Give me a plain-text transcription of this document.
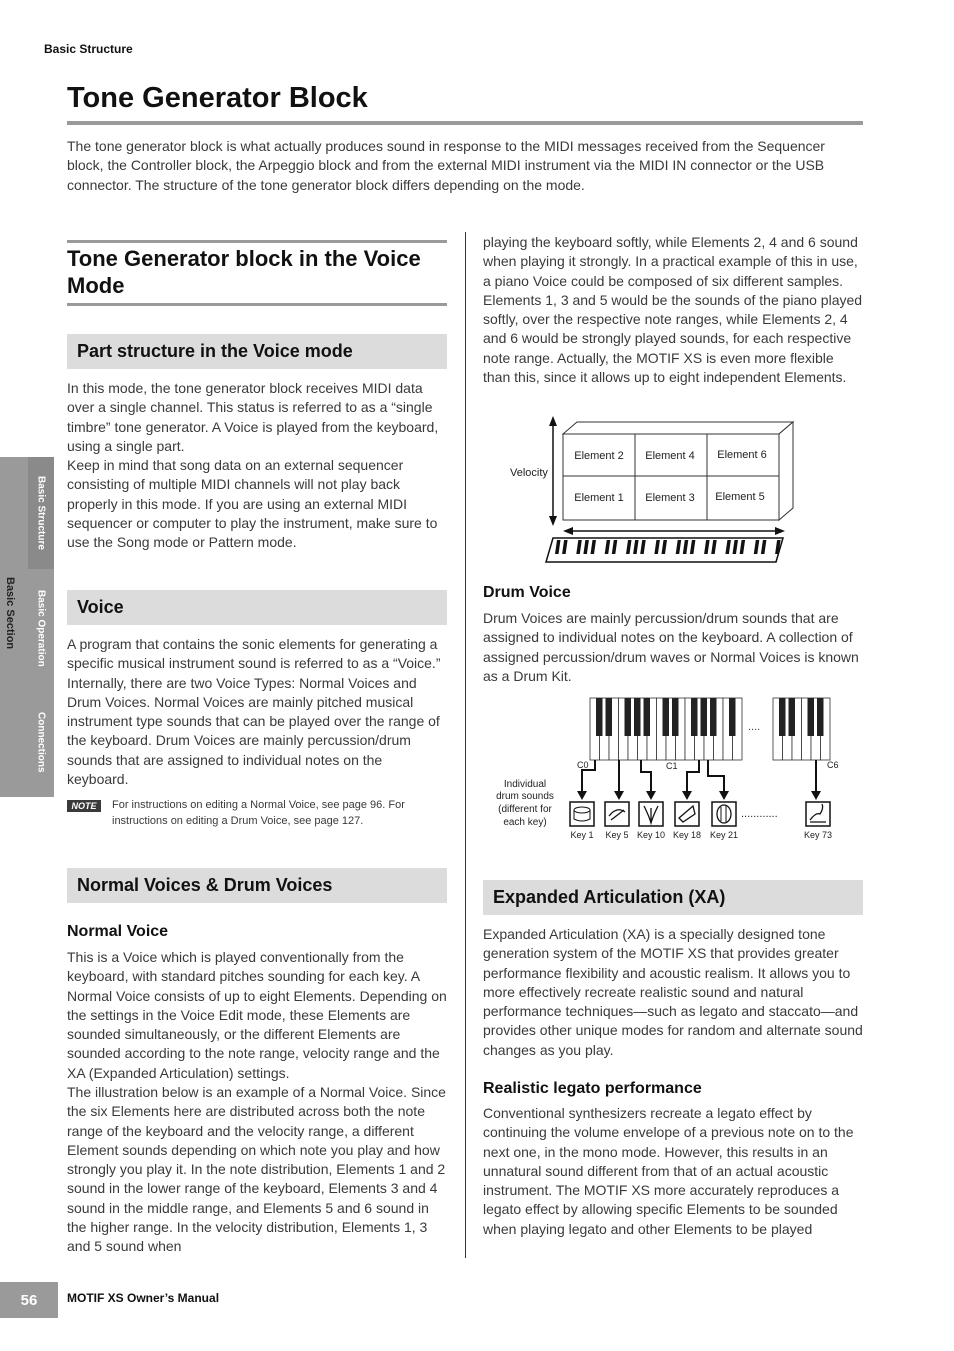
Basic Structure
Tone Generator Block

The tone generator block is what actually produces sound in response to the MIDI messages received from the Sequencer block, the Controller block, the Arpeggio block and from the external MIDI instrument via the MIDI IN connector or the USB connector. The structure of the tone generator block differs depending on the mode.

Basic Section
Basic Structure
Basic Operation
Connections
Tone Generator block in the Voice Mode
Part structure in the Voice mode

In this mode, the tone generator block receives MIDI data over a single channel. This status is referred to as a “single timbre” tone generator. A Voice is played from the keyboard, using a single part.

Keep in mind that song data on an external sequencer consisting of multiple MIDI channels will not play back properly in this mode. If you are using an external MIDI sequencer or computer to play the instrument, make sure to use the Song mode or Pattern mode.

Voice

A program that contains the sonic elements for generating a specific musical instrument sound is referred to as a “Voice.” Internally, there are two Voice Types: Normal Voices and Drum Voices. Normal Voices are mainly pitched musical instrument type sounds that can be played over the range of the keyboard. Drum Voices are mainly percussion/drum sounds that are assigned to individual notes on the keyboard.

NOTE	For instructions on editing a Normal Voice, see page 96. For instructions on editing a Drum Voice, see page 127.

Normal Voices & Drum Voices
Normal Voice

This is a Voice which is played conventionally from the keyboard, with standard pitches sounding for each key. A Normal Voice consists of up to eight Elements. Depending on the settings in the Voice Edit mode, these Elements are sounded simultaneously, or the different Elements are sounded according to the note range, velocity range and the XA (Expanded Articulation) settings.

The illustration below is an example of a Normal Voice. Since the six Elements here are distributed across both the note range of the keyboard and the velocity range, a different Element sounds depending on which note you play and how strongly you play it. In the note distribution, Elements 1 and 2 sound in the lower range of the keyboard, Elements 3 and 4 sound in the middle range, and Elements 5 and 6 sound in the higher range. In the velocity distribution, Elements 1, 3 and 5 sound when

playing the keyboard softly, while Elements 2, 4 and 6 sound when playing it strongly. In a practical example of this in use, a piano Voice could be composed of six different samples. Elements 1, 3 and 5 would be the sounds of the piano played softly, over the respective note ranges, while Elements 2, 4 and 6 would be strongly played sounds, for each respective note range. Actually, the MOTIF XS is even more flexible than this, since it allows up to eight independent Elements.

Velocity
Element 2 Element 4 Element 6
Element 1 Element 3 Element 5
Drum Voice

Drum Voices are mainly percussion/drum sounds that are assigned to individual notes on the keyboard. A collection of assigned percussion/drum waves or Normal Voices is known as a Drum Kit.

....
C0	C1	C6
Individual
drum sounds
(different for
each key)
............
Key 1 Key 5 Key 10 Key 18 Key 21	Key 73
Expanded Articulation (XA)

Expanded Articulation (XA) is a specially designed tone generation system of the MOTIF XS that provides greater performance flexibility and acoustic realism. It allows you to more effectively recreate realistic sound and natural performance techniques—such as legato and staccato—and provides other unique modes for random and alternate sound changes as you play.

Realistic legato performance

Conventional synthesizers recreate a legato effect by continuing the volume envelope of a previous note on to the next one, in the mono mode. However, this results in an unnatural sound different from that of an actual acoustic instrument. The MOTIF XS more accurately reproduces a legato effect by allowing specific Elements to be sounded when playing legato and other Elements to be played

56	MOTIF XS Owner’s Manual
